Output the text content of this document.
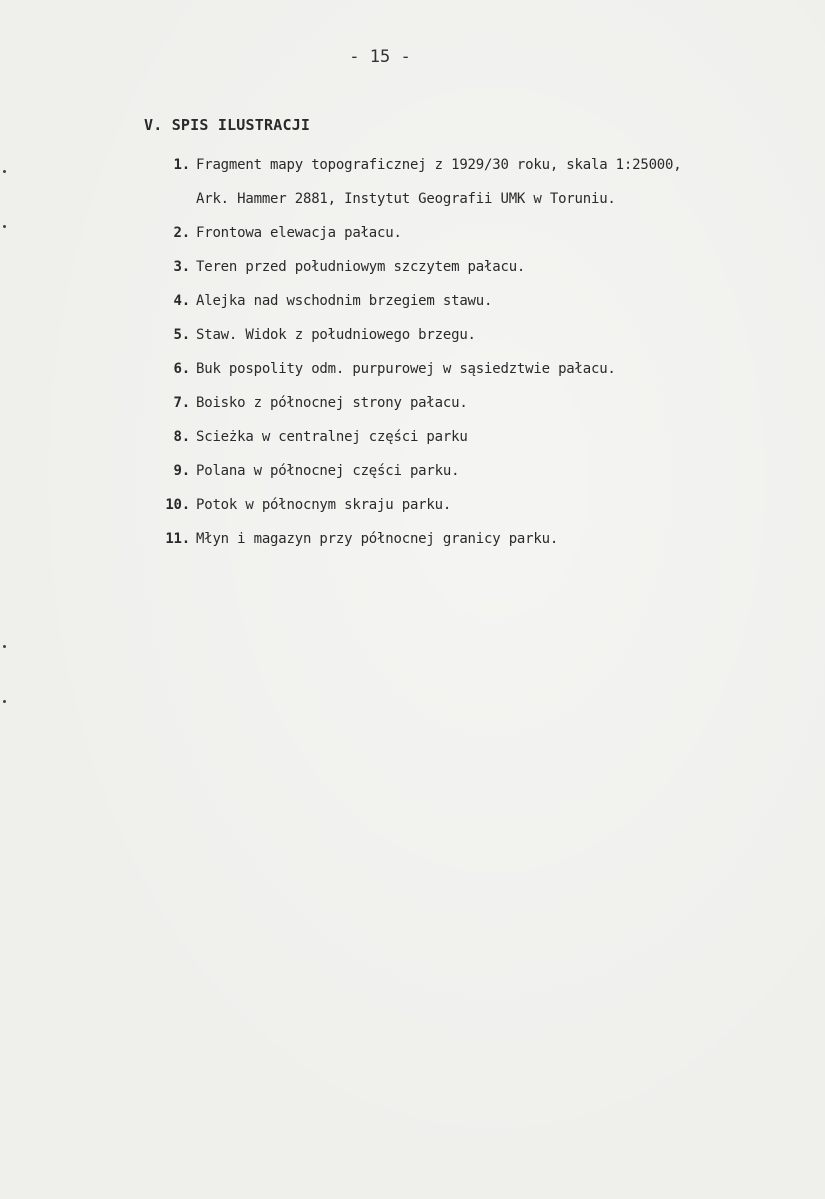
- 15 -
V. SPIS ILUSTRACJI
1. Fragment mapy topograficznej z 1929/30 roku, skala 1:25000,
Ark. Hammer 2881, Instytut Geografii UMK w Toruniu.
2. Frontowa elewacja pałacu.
3. Teren przed południowym szczytem pałacu.
4. Alejka nad wschodnim brzegiem stawu.
5. Staw. Widok z południowego brzegu.
6. Buk pospolity odm. purpurowej w sąsiedztwie pałacu.
7. Boisko z północnej strony pałacu.
8. Scieżka w centralnej części parku
9. Polana w północnej części parku.
10. Potok w północnym skraju parku.
11. Młyn i magazyn przy północnej granicy parku.
